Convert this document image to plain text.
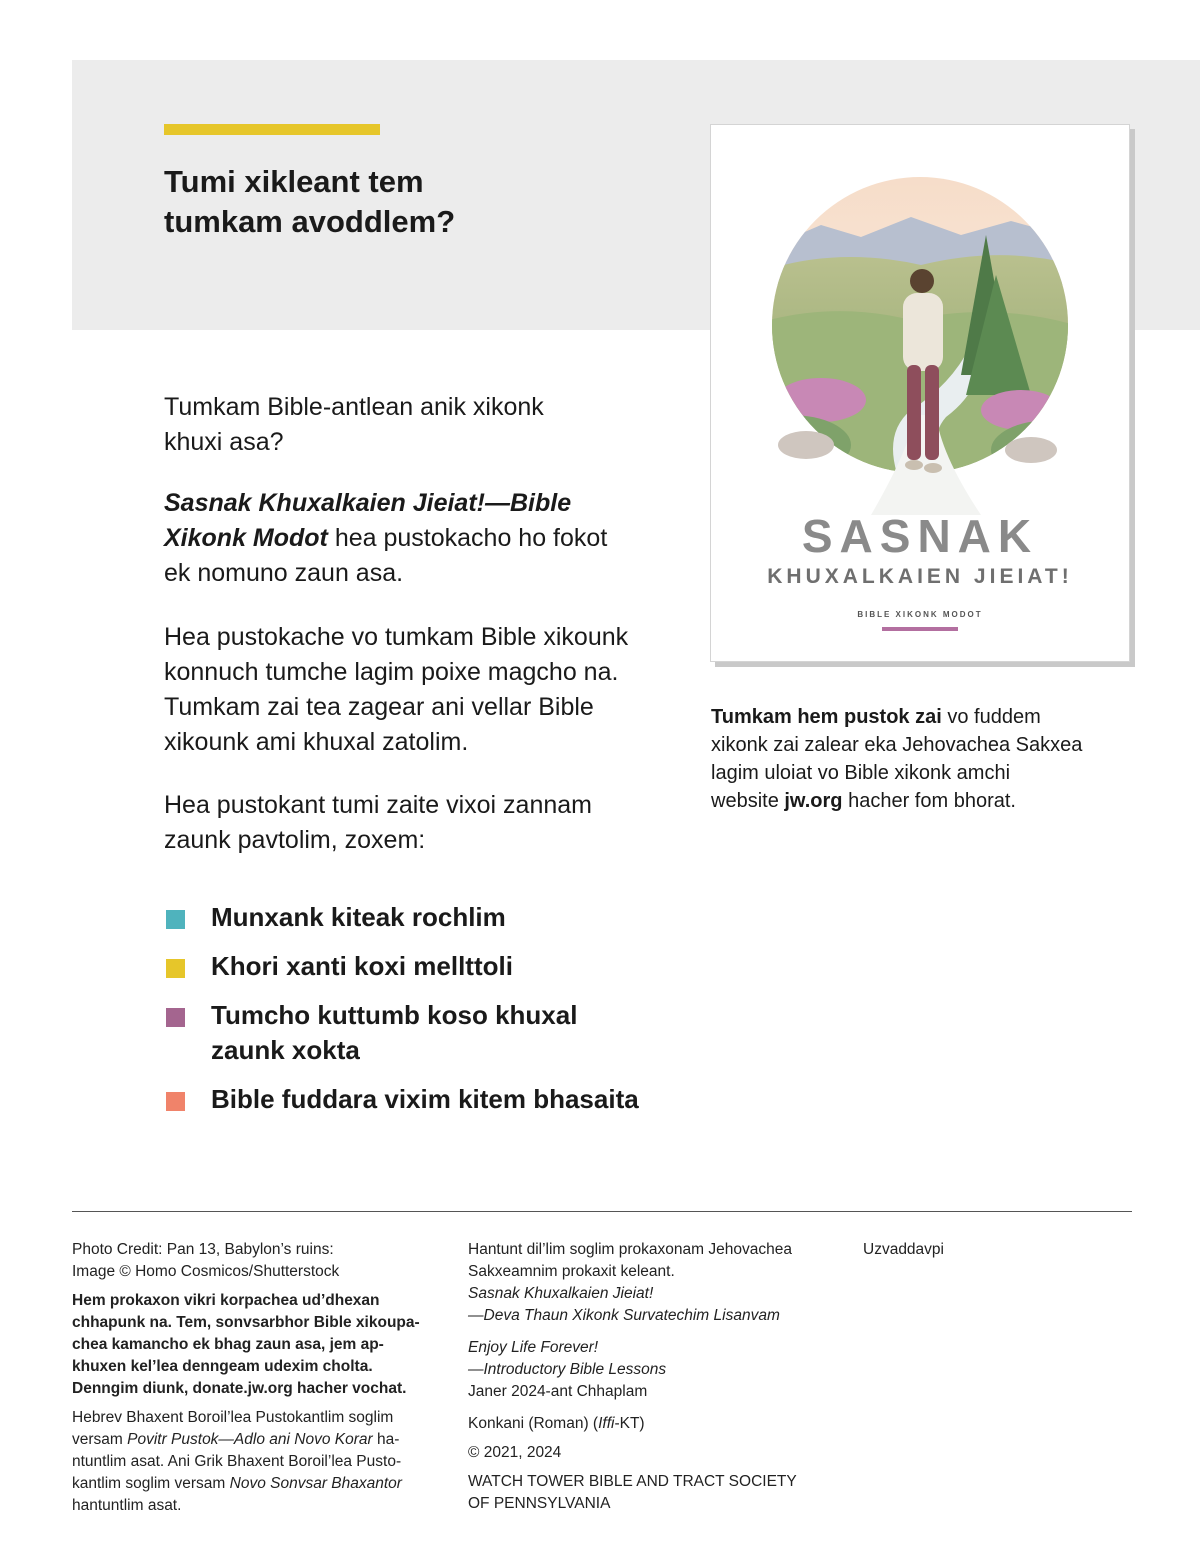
Tumi xikleant tem
tumkam avoddlem?
Tumkam Bible-antlean anik xikonk
khuxi asa?
Sasnak Khuxalkaien Jieiat!—Bible
Xikonk Modot hea pustokacho ho fokot
ek nomuno zaun asa.
Hea pustokache vo tumkam Bible xikounk
konnuch tumche lagim poixe magcho na.
Tumkam zai tea zagear ani vellar Bible
xikounk ami khuxal zatolim.
Hea pustokant tumi zaite vixoi zannam
zaunk pavtolim, zoxem:
Munxank kiteak rochlim
Khori xanti koxi mellttoli
Tumcho kuttumb koso khuxal
zaunk xokta
Bible fuddara vixim kitem bhasaita
SASNAK
KHUXALKAIEN JIEIAT!
BIBLE XIKONK MODOT
Tumkam hem pustok zai vo fuddem
xikonk zai zalear eka Jehovachea Sakxea
lagim uloiat vo Bible xikonk amchi
website jw.org hacher fom bhorat.
Photo Credit: Pan 13, Babylon’s ruins:
Image © Homo Cosmicos/Shutterstock
Hem prokaxon vikri korpachea ud’dhexan
chhapunk na. Tem, sonvsarbhor Bible xikoupa-
chea kamancho ek bhag zaun asa, jem ap-
khuxen kel’lea denngeam udexim cholta.
Denngim diunk, donate.jw.org hacher vochat.
Hebrev Bhaxent Boroil’lea Pustokantlim soglim
versam Povitr Pustok—Adlo ani Novo Korar ha-
ntuntlim asat. Ani Grik Bhaxent Boroil’lea Pusto-
kantlim soglim versam Novo Sonvsar Bhaxantor
hantuntlim asat.
Hantunt dil’lim soglim prokaxonam Jehovachea
Sakxeamnim prokaxit keleant.
Sasnak Khuxalkaien Jieiat!
—Deva Thaun Xikonk Survatechim Lisanvam
Enjoy Life Forever!
—Introductory Bible Lessons
Janer 2024-ant Chhaplam
Konkani (Roman) (Iffi-KT)
© 2021, 2024
WATCH TOWER BIBLE AND TRACT SOCIETY
OF PENNSYLVANIA
Uzvaddavpi
